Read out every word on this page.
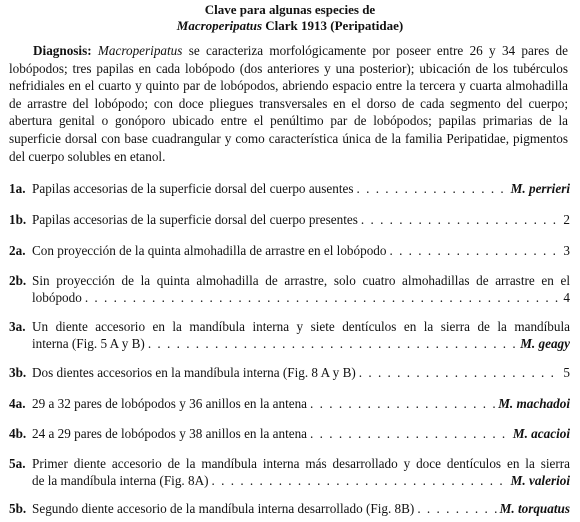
Clave para algunas especies de
Macroperipatus Clark 1913 (Peripatidae)
Diagnosis: Macroperipatus se caracteriza morfológicamente por poseer entre 26 y 34 pares de lobópodos; tres papilas en cada lobópodo (dos anteriores y una posterior); ubicación de los tubérculos nefridiales en el cuarto y quinto par de lobópodos, abriendo espacio entre la tercera y cuarta almohadilla de arrastre del lobópodo; con doce pliegues transversales en el dorso de cada segmento del cuerpo; abertura genital o gonóporo ubicado entre el penúltimo par de lobópodos; papilas primarias de la superficie dorsal con base cuadrangular y como característica única de la familia Peripatidae, pigmentos del cuerpo solubles en etanol.
1a. Papilas accesorias de la superficie dorsal del cuerpo ausentes . . .	M. perrieri
1b. Papilas accesorias de la superficie dorsal del cuerpo presentes . . .	2
2a. Con proyección de la quinta almohadilla de arrastre en el lobópodo . . .	3
2b. Sin proyección de la quinta almohadilla de arrastre, solo cuatro almohadillas de arrastre en el
lobópodo . . .	4
3a. Un diente accesorio en la mandíbula interna y siete dentículos en la sierra de la mandíbula
interna (Fig. 5 A y B) . . .	M. geagy
3b. Dos dientes accesorios en la mandíbula interna (Fig. 8 A y B) . . .	5
4a. 29 a 32 pares de lobópodos y 36 anillos en la antena . . .	M. machadoi
4b. 24 a 29 pares de lobópodos y 38 anillos en la antena . . .	M. acacioi
5a. Primer diente accesorio de la mandíbula interna más desarrollado y doce dentículos en la sierra
de la mandíbula interna (Fig. 8A) . . .	M. valerioi
5b. Segundo diente accesorio de la mandíbula interna desarrollado (Fig. 8B) . . .	M. torquatus
